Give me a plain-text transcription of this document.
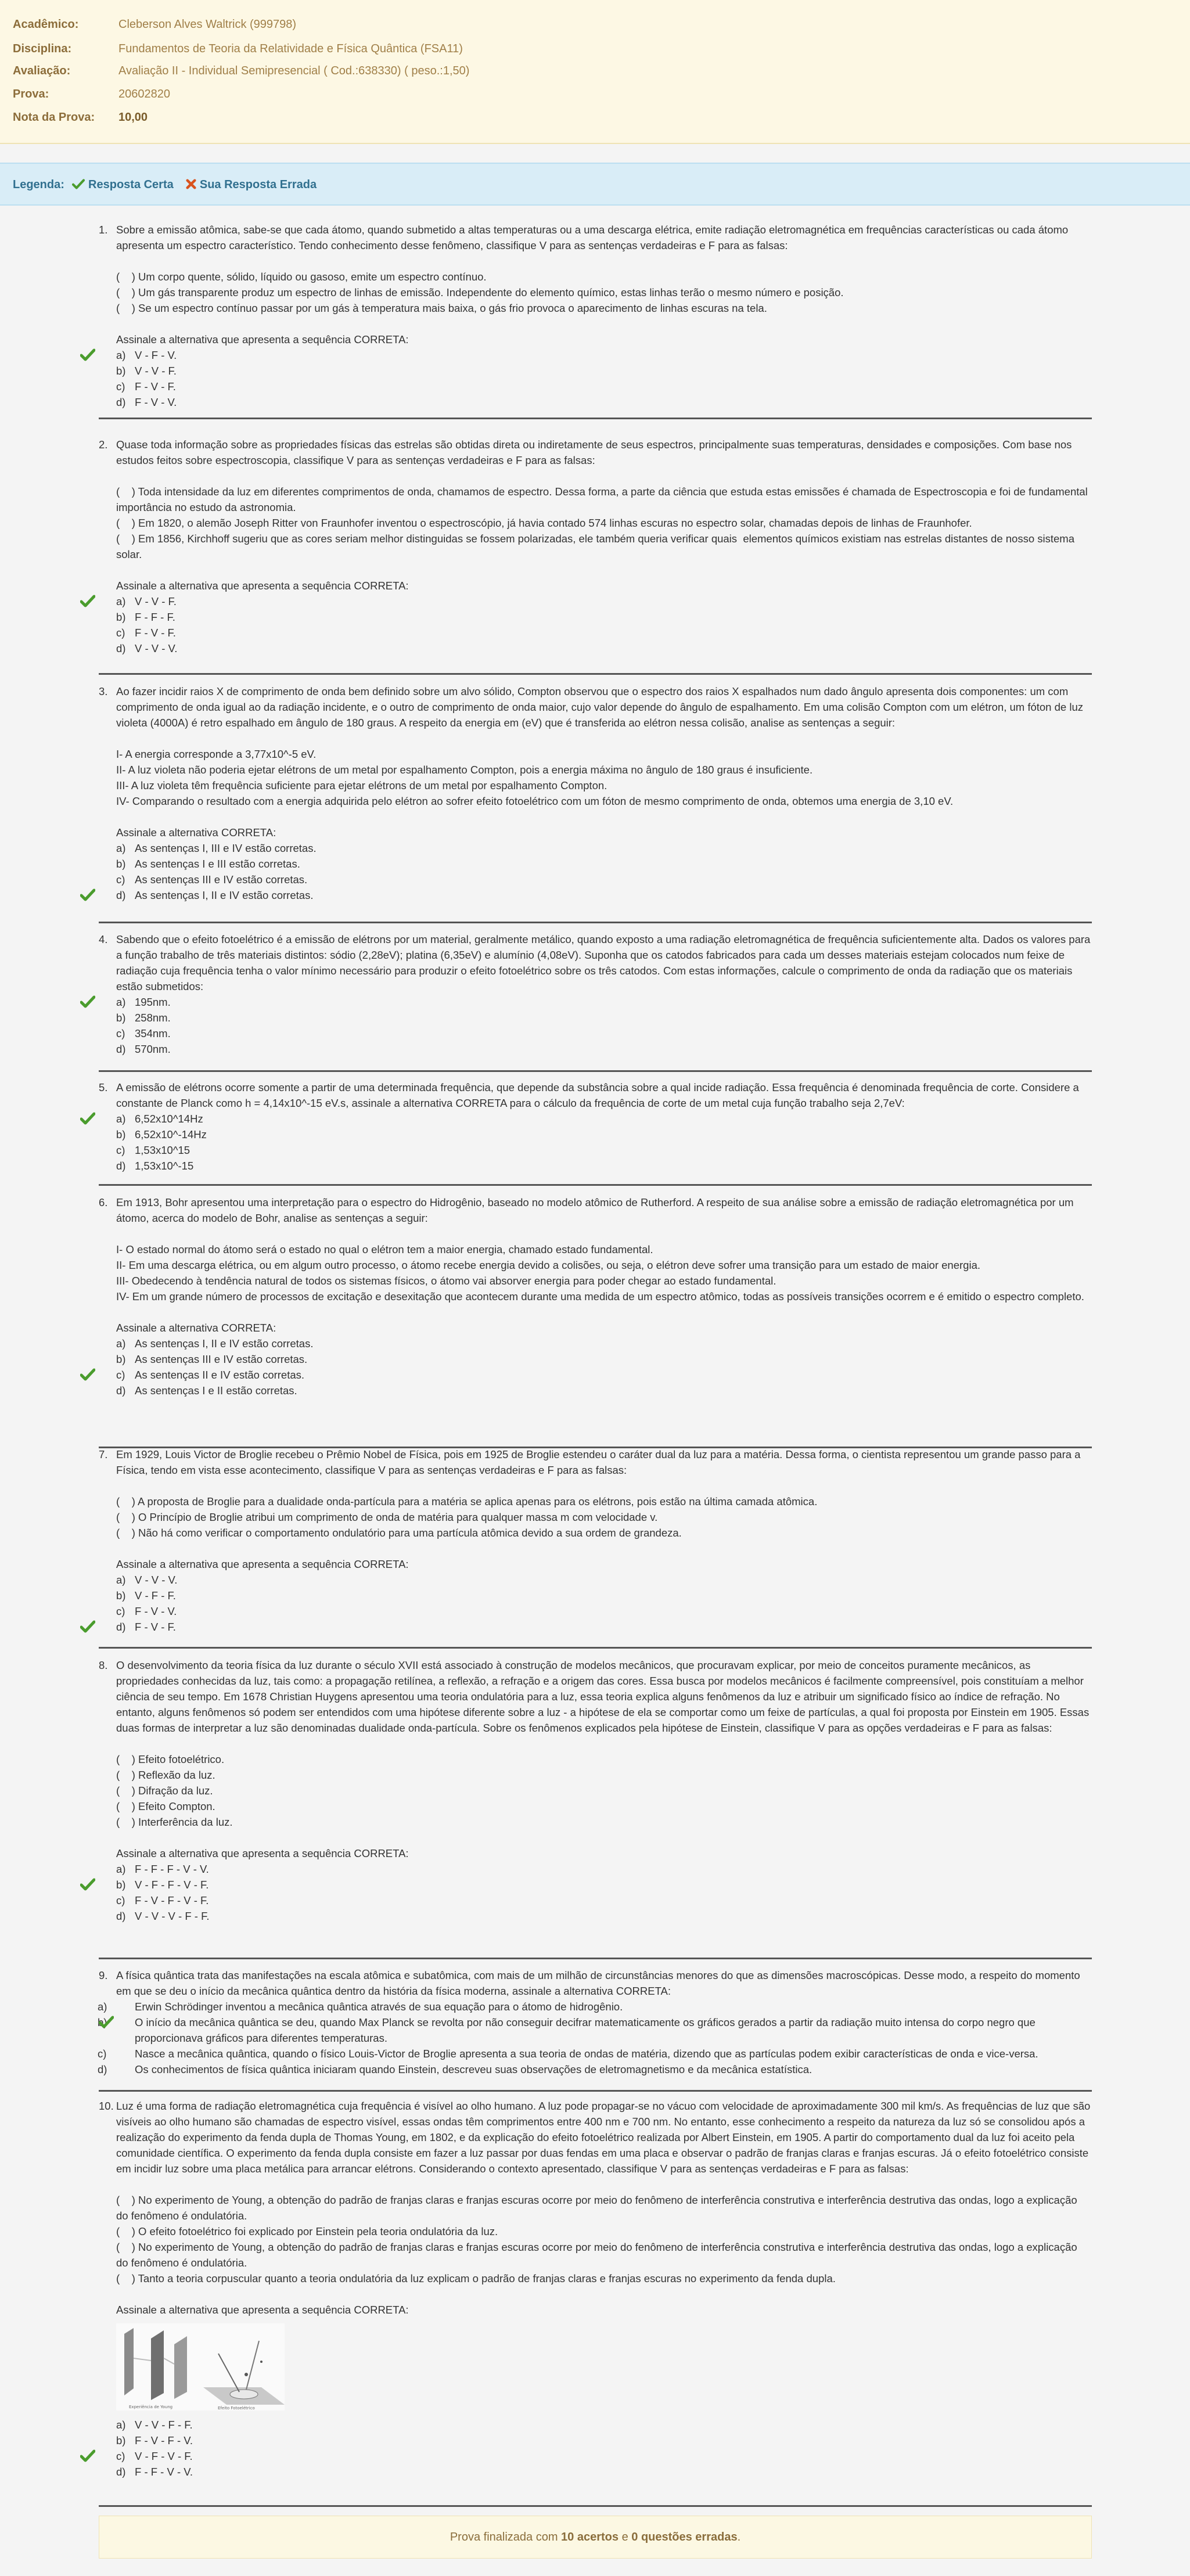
Acadêmico:	Cleberson Alves Waltrick (999798)
Disciplina:	Fundamentos de Teoria da Relatividade e Física Quântica (FSA11)
Avaliação:	Avaliação II - Individual Semipresencial ( Cod.:638330) ( peso.:1,50)
Prova:	20602820
Nota da Prova:	10,00
Legenda: Resposta Certa Sua Resposta Errada
1. Sobre a emissão atômica, sabe-se que cada átomo, quando submetido a altas temperaturas ou a uma descarga elétrica, emite radiação eletromagnética em frequências características ou cada átomo apresenta um espectro característico. Tendo conhecimento desse fenômeno, classifique V para as sentenças verdadeiras e F para as falsas:

(    ) Um corpo quente, sólido, líquido ou gasoso, emite um espectro contínuo.
(    ) Um gás transparente produz um espectro de linhas de emissão. Independente do elemento químico, estas linhas terão o mesmo número e posição.
(    ) Se um espectro contínuo passar por um gás à temperatura mais baixa, o gás frio provoca o aparecimento de linhas escuras na tela.
Assinale a alternativa que apresenta a sequência CORRETA:
a) V - F - V.
b) V - V - F.
c) F - V - F.
d) F - V - V.
2. Quase toda informação sobre as propriedades físicas das estrelas são obtidas direta ou indiretamente de seus espectros, principalmente suas temperaturas, densidades e composições. Com base nos estudos feitos sobre espectroscopia, classifique V para as sentenças verdadeiras e F para as falsas:

(    ) Toda intensidade da luz em diferentes comprimentos de onda, chamamos de espectro. Dessa forma, a parte da ciência que estuda estas emissões é chamada de Espectroscopia e foi de fundamental importância no estudo da astronomia.
(    ) Em 1820, o alemão Joseph Ritter von Fraunhofer inventou o espectroscópio, já havia contado 574 linhas escuras no espectro solar, chamadas depois de linhas de Fraunhofer.
(    ) Em 1856, Kirchhoff sugeriu que as cores seriam melhor distinguidas se fossem polarizadas, ele também queria verificar quais  elementos químicos existiam nas estrelas distantes de nosso sistema solar.
Assinale a alternativa que apresenta a sequência CORRETA:
a) V - V - F.
b) F - F - F.
c) F - V - F.
d) V - V - V.
3. Ao fazer incidir raios X de comprimento de onda bem definido sobre um alvo sólido, Compton observou que o espectro dos raios X espalhados num dado ângulo apresenta dois componentes: um com comprimento de onda igual ao da radiação incidente, e o outro de comprimento de onda maior, cujo valor depende do ângulo de espalhamento. Em uma colisão Compton com um elétron, um fóton de luz violeta (4000A) é retro espalhado em ângulo de 180 graus. A respeito da energia em (eV) que é transferida ao elétron nessa colisão, analise as sentenças a seguir:

I- A energia corresponde a 3,77x10^-5 eV.
II- A luz violeta não poderia ejetar elétrons de um metal por espalhamento Compton, pois a energia máxima no ângulo de 180 graus é insuficiente.
III- A luz violeta têm frequência suficiente para ejetar elétrons de um metal por espalhamento Compton.
IV- Comparando o resultado com a energia adquirida pelo elétron ao sofrer efeito fotoelétrico com um fóton de mesmo comprimento de onda, obtemos uma energia de 3,10 eV.
Assinale a alternativa CORRETA:
a) As sentenças I, III e IV estão corretas.
b) As sentenças I e III estão corretas.
c) As sentenças III e IV estão corretas.
d) As sentenças I, II e IV estão corretas.
4. Sabendo que o efeito fotoelétrico é a emissão de elétrons por um material, geralmente metálico, quando exposto a uma radiação eletromagnética de frequência suficientemente alta. Dados os valores para a função trabalho de três materiais distintos: sódio (2,28eV); platina (6,35eV) e alumínio (4,08eV). Suponha que os catodos fabricados para cada um desses materiais estejam colocados num feixe de radiação cuja frequência tenha o valor mínimo necessário para produzir o efeito fotoelétrico sobre os três catodos. Com estas informações, calcule o comprimento de onda da radiação que os materiais estão submetidos:

a) 195nm.
b) 258nm.
c) 354nm.
d) 570nm.
5. A emissão de elétrons ocorre somente a partir de uma determinada frequência, que depende da substância sobre a qual incide radiação. Essa frequência é denominada frequência de corte. Considere a constante de Planck como h = 4,14x10^-15 eV.s, assinale a alternativa CORRETA para o cálculo da frequência de corte de um metal cuja função trabalho seja 2,7eV:

a) 6,52x10^14Hz
b) 6,52x10^-14Hz
c) 1,53x10^15
d) 1,53x10^-15
6. Em 1913, Bohr apresentou uma interpretação para o espectro do Hidrogênio, baseado no modelo atômico de Rutherford. A respeito de sua análise sobre a emissão de radiação eletromagnética por um átomo, acerca do modelo de Bohr, analise as sentenças a seguir:

I- O estado normal do átomo será o estado no qual o elétron tem a maior energia, chamado estado fundamental.
II- Em uma descarga elétrica, ou em algum outro processo, o átomo recebe energia devido a colisões, ou seja, o elétron deve sofrer uma transição para um estado de maior energia.
III- Obedecendo à tendência natural de todos os sistemas físicos, o átomo vai absorver energia para poder chegar ao estado fundamental.
IV- Em um grande número de processos de excitação e desexitação que acontecem durante uma medida de um espectro atômico, todas as possíveis transições ocorrem e é emitido o espectro completo.
Assinale a alternativa CORRETA:
a) As sentenças I, II e IV estão corretas.
b) As sentenças III e IV estão corretas.
c) As sentenças II e IV estão corretas.
d) As sentenças I e II estão corretas.
7. Em 1929, Louis Victor de Broglie recebeu o Prêmio Nobel de Física, pois em 1925 de Broglie estendeu o caráter dual da luz para a matéria. Dessa forma, o cientista representou um grande passo para a Física, tendo em vista esse acontecimento, classifique V para as sentenças verdadeiras e F para as falsas:

(    ) A proposta de Broglie para a dualidade onda-partícula para a matéria se aplica apenas para os elétrons, pois estão na última camada atômica.
(    ) O Princípio de Broglie atribui um comprimento de onda de matéria para qualquer massa m com velocidade v.
(    ) Não há como verificar o comportamento ondulatório para uma partícula atômica devido a sua ordem de grandeza.
Assinale a alternativa que apresenta a sequência CORRETA:
a) V - V - V.
b) V - F - F.
c) F - V - V.
d) F - V - F.
8. O desenvolvimento da teoria física da luz durante o século XVII está associado à construção de modelos mecânicos, que procuravam explicar, por meio de conceitos puramente mecânicos, as propriedades conhecidas da luz, tais como: a propagação retilínea, a reflexão, a refração e a origem das cores. Essa busca por modelos mecânicos é facilmente compreensível, pois constituíam a melhor ciência de seu tempo. Em 1678 Christian Huygens apresentou uma teoria ondulatória para a luz, essa teoria explica alguns fenômenos da luz e atribuir um significado físico ao índice de refração. No entanto, alguns fenômenos só podem ser entendidos com uma hipótese diferente sobre a luz - a hipótese de ela se comportar como um feixe de partículas, a qual foi proposta por Einstein em 1905. Essas duas formas de interpretar a luz são denominadas dualidade onda-partícula. Sobre os fenômenos explicados pela hipótese de Einstein, classifique V para as opções verdadeiras e F para as falsas:

(    ) Efeito fotoelétrico.
(    ) Reflexão da luz.
(    ) Difração da luz.
(    ) Efeito Compton.
(    ) Interferência da luz.
Assinale a alternativa que apresenta a sequência CORRETA:
a) F - F - F - V - V.
b) V - F - F - V - F.
c) F - V - F - V - F.
d) V - V - V - F - F.
9. A física quântica trata das manifestações na escala atômica e subatômica, com mais de um milhão de circunstâncias menores do que as dimensões macroscópicas. Desse modo, a respeito do momento em que se deu o início da mecânica quântica dentro da história da física moderna, assinale a alternativa CORRETA:

a)	Erwin Schrödinger inventou a mecânica quântica através de sua equação para o átomo de hidrogênio.
b)	O início da mecânica quântica se deu, quando Max Planck se revolta por não conseguir decifrar matematicamente os gráficos gerados a partir da radiação muito intensa do corpo negro que proporcionava gráficos para diferentes temperaturas.
c)	Nasce a mecânica quântica, quando o físico Louis-Victor de Broglie apresenta a sua teoria de ondas de matéria, dizendo que as partículas podem exibir características de onda e vice-versa.
d)	Os conhecimentos de física quântica iniciaram quando Einstein, descreveu suas observações de eletromagnetismo e da mecânica estatística.
10. Luz é uma forma de radiação eletromagnética cuja frequência é visível ao olho humano. A luz pode propagar-se no vácuo com velocidade de aproximadamente 300 mil km/s. As frequências de luz que são visíveis ao olho humano são chamadas de espectro visível, essas ondas têm comprimentos entre 400 nm e 700 nm. No entanto, esse conhecimento a respeito da natureza da luz só se consolidou após a realização do experimento da fenda dupla de Thomas Young, em 1802, e da explicação do efeito fotoelétrico realizada por Albert Einstein, em 1905. A partir do comportamento dual da luz foi aceito pela comunidade científica. O experimento da fenda dupla consiste em fazer a luz passar por duas fendas em uma placa e observar o padrão de franjas claras e franjas escuras. Já o efeito fotoelétrico consiste em incidir luz sobre uma placa metálica para arrancar elétrons. Considerando o contexto apresentado, classifique V para as sentenças verdadeiras e F para as falsas:

(    ) No experimento de Young, a obtenção do padrão de franjas claras e franjas escuras ocorre por meio do fenômeno de interferência construtiva e interferência destrutiva das ondas, logo a explicação do fenômeno é ondulatória.
(    ) O efeito fotoelétrico foi explicado por Einstein pela teoria ondulatória da luz.
(    ) No experimento de Young, a obtenção do padrão de franjas claras e franjas escuras ocorre por meio do fenômeno de interferência construtiva e interferência destrutiva das ondas, logo a explicação do fenômeno é ondulatória.
(    ) Tanto a teoria corpuscular quanto a teoria ondulatória da luz explicam o padrão de franjas claras e franjas escuras no experimento da fenda dupla.
Assinale a alternativa que apresenta a sequência CORRETA:
Experiência de Young	Efeito Fotoelétrico
a) V - V - F - F.
b) F - V - F - V.
c) V - F - V - F.
d) F - F - V - V.
Prova finalizada com 10 acertos e 0 questões erradas.
